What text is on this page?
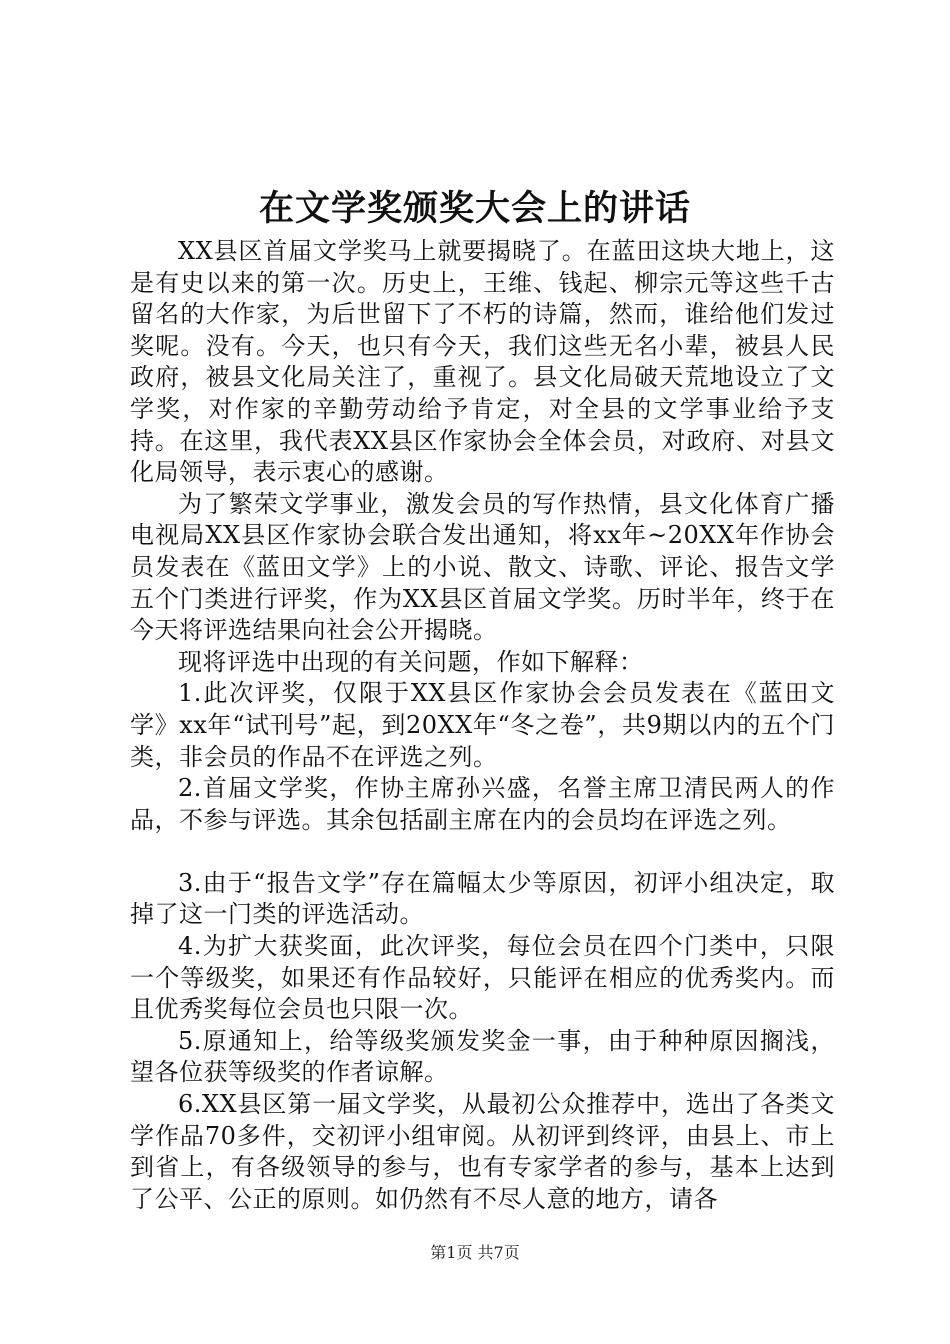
在文学奖颁奖大会上的讲话

XX县区首届文学奖马上就要揭晓了。在蓝田这块大地上，这是有史以来的第一次。历史上，王维、钱起、柳宗元等这些千古留名的大作家，为后世留下了不朽的诗篇，然而，谁给他们发过奖呢。没有。今天，也只有今天，我们这些无名小辈，被县人民政府，被县文化局关注了，重视了。县文化局破天荒地设立了文学奖，对作家的辛勤劳动给予肯定，对全县的文学事业给予支持。在这里，我代表XX县区作家协会全体会员，对政府、对县文化局领导，表示衷心的感谢。

为了繁荣文学事业，激发会员的写作热情，县文化体育广播电视局XX县区作家协会联合发出通知，将xx年~20XX年作协会员发表在《蓝田文学》上的小说、散文、诗歌、评论、报告文学五个门类进行评奖，作为XX县区首届文学奖。历时半年，终于在今天将评选结果向社会公开揭晓。

现将评选中出现的有关问题，作如下解释：

1.此次评奖，仅限于XX县区作家协会会员发表在《蓝田文学》xx年“试刊号”起，到20XX年“冬之卷”，共9期以内的五个门类，非会员的作品不在评选之列。

2.首届文学奖，作协主席孙兴盛，名誉主席卫清民两人的作品，不参与评选。其余包括副主席在内的会员均在评选之列。

3.由于“报告文学”存在篇幅太少等原因，初评小组决定，取掉了这一门类的评选活动。

4.为扩大获奖面，此次评奖，每位会员在四个门类中，只限一个等级奖，如果还有作品较好，只能评在相应的优秀奖内。而且优秀奖每位会员也只限一次。

5.原通知上，给等级奖颁发奖金一事，由于种种原因搁浅，望各位获等级奖的作者谅解。

6.XX县区第一届文学奖，从最初公众推荐中，选出了各类文学作品70多件，交初评小组审阅。从初评到终评，由县上、市上到省上，有各级领导的参与，也有专家学者的参与，基本上达到了公平、公正的原则。如仍然有不尽人意的地方，请各

第1页 共7页
